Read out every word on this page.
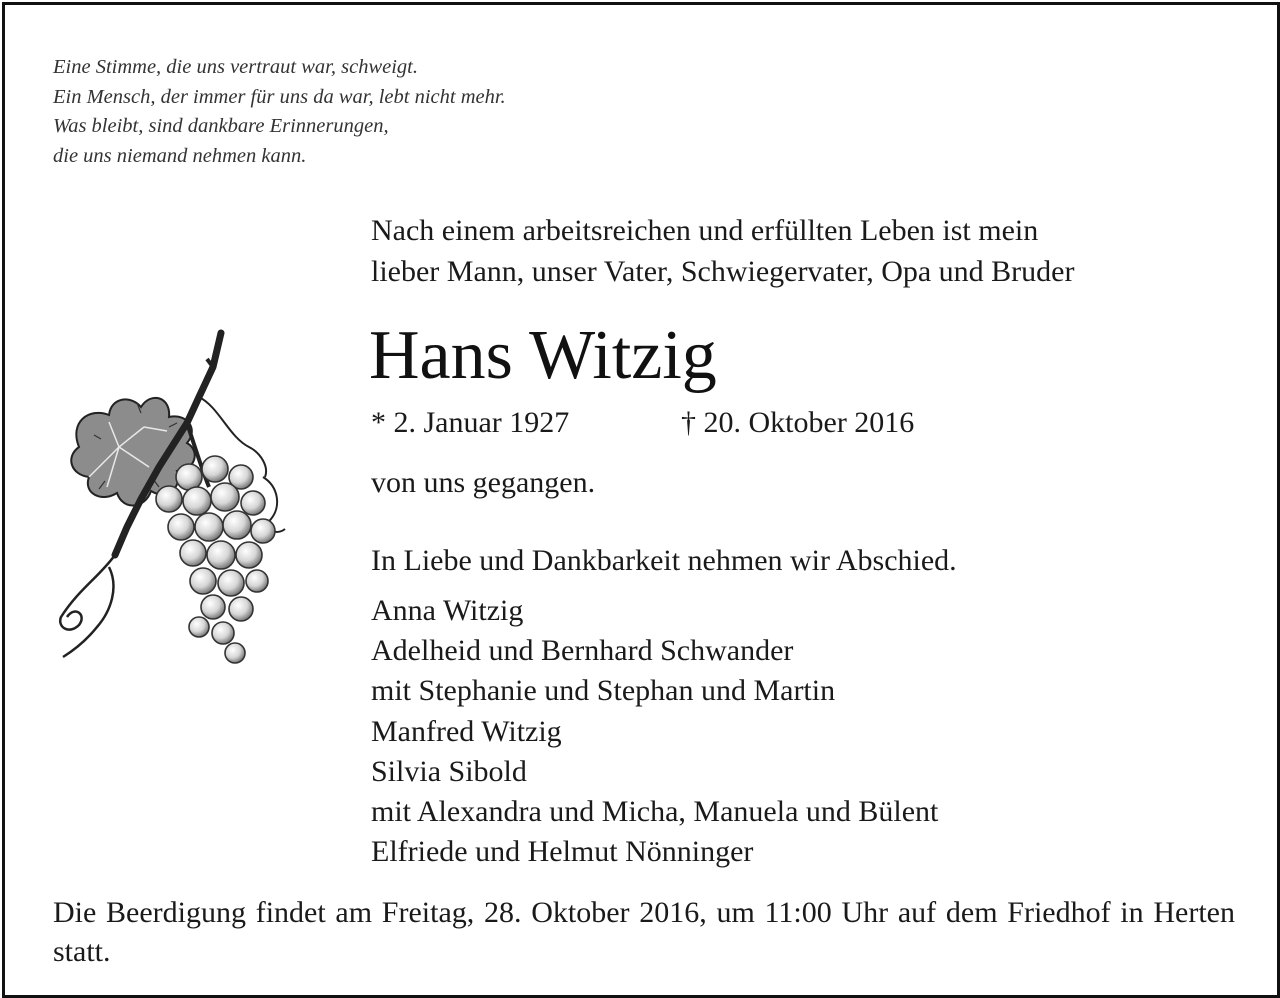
Eine Stimme, die uns vertraut war, schweigt.
Ein Mensch, der immer für uns da war, lebt nicht mehr.
Was bleibt, sind dankbare Erinnerungen,
die uns niemand nehmen kann.
Nach einem arbeitsreichen und erfüllten Leben ist mein
lieber Mann, unser Vater, Schwiegervater, Opa und Bruder
Hans Witzig
* 2. Januar 1927	† 20. Oktober 2016
von uns gegangen.
In Liebe und Dankbarkeit nehmen wir Abschied.
Anna Witzig
Adelheid und Bernhard Schwander
mit Stephanie und Stephan und Martin
Manfred Witzig
Silvia Sibold
mit Alexandra und Micha, Manuela und Bülent
Elfriede und Helmut Nönninger
Die Beerdigung findet am Freitag, 28. Oktober 2016, um 11:00 Uhr auf dem Friedhof in Herten statt.
